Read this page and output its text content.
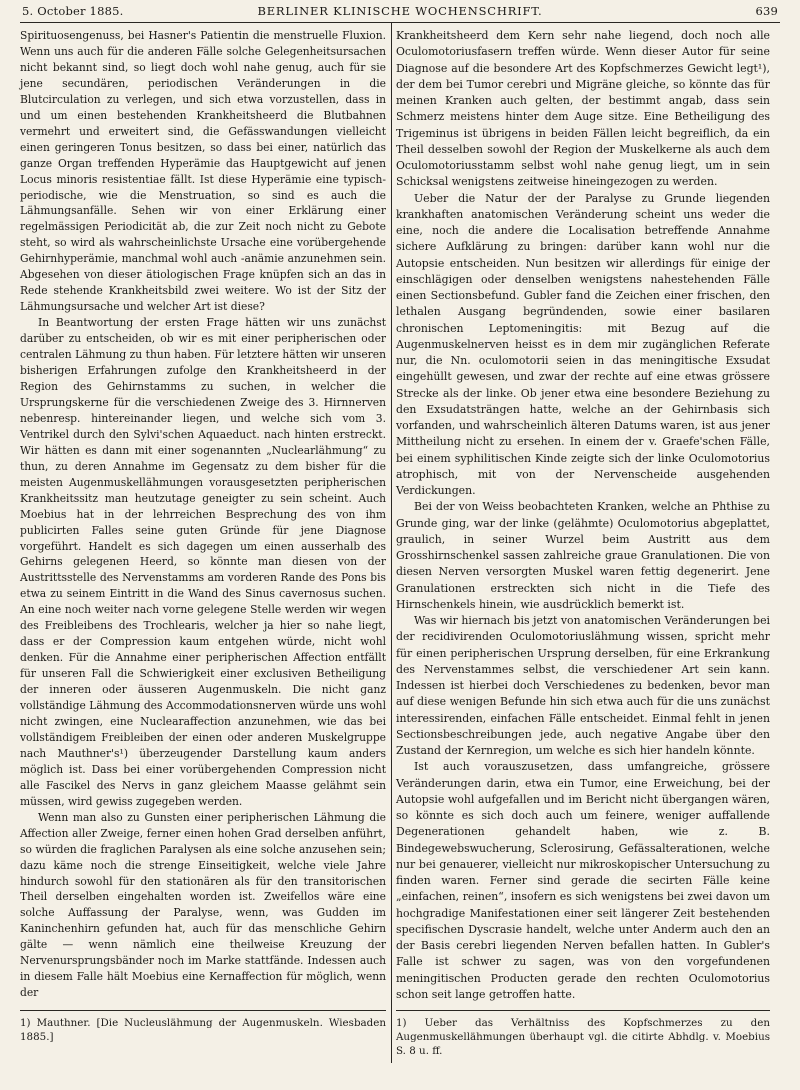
5. October 1885.	BERLINER KLINISCHE WOCHENSCHRIFT.	639

Spirituosengenuss, bei Hasner's Patientin die menstruelle Fluxion. Wenn uns auch für die anderen Fälle solche Gelegenheitsursachen nicht bekannt sind, so liegt doch wohl nahe genug, auch für sie jene secundären, periodischen Veränderungen in die Blutcirculation zu verlegen, und sich etwa vorzustellen, dass in und um einen bestehenden Krankheitsheerd die Blutbahnen vermehrt und erweitert sind, die Gefässwandungen vielleicht einen geringeren Tonus besitzen, so dass bei einer, natürlich das ganze Organ treffenden Hyperämie das Hauptgewicht auf jenen Locus minoris resistentiae fällt. Ist diese Hyperämie eine typisch-periodische, wie die Menstruation, so sind es auch die Lähmungsanfälle. Sehen wir von einer Erklärung einer regelmässigen Periodicität ab, die zur Zeit noch nicht zu Gebote steht, so wird als wahrscheinlichste Ursache eine vorübergehende Gehirnhyperämie, manchmal wohl auch -anämie anzunehmen sein. Abgesehen von dieser ätiologischen Frage knüpfen sich an das in Rede stehende Krankheitsbild zwei weitere. Wo ist der Sitz der Lähmungsursache und welcher Art ist diese?

In Beantwortung der ersten Frage hätten wir uns zunächst darüber zu entscheiden, ob wir es mit einer peripherischen oder centralen Lähmung zu thun haben. Für letztere hätten wir unseren bisherigen Erfahrungen zufolge den Krankheitsheerd in der Region des Gehirnstamms zu suchen, in welcher die Ursprungskerne für die verschiedenen Zweige des 3. Hirnnerven nebenresp. hintereinander liegen, und welche sich vom 3. Ventrikel durch den Sylvi'schen Aquaeduct. nach hinten erstreckt. Wir hätten es dann mit einer sogenannten „Nuclearlähmung“ zu thun, zu deren Annahme im Gegensatz zu dem bisher für die meisten Augenmuskellähmungen vorausgesetzten peripherischen Krankheitssitz man heutzutage geneigter zu sein scheint. Auch Moebius hat in der lehrreichen Besprechung des von ihm publicirten Falles seine guten Gründe für jene Diagnose vorgeführt. Handelt es sich dagegen um einen ausserhalb des Gehirns gelegenen Heerd, so könnte man diesen von der Austrittsstelle des Nervenstamms am vorderen Rande des Pons bis etwa zu seinem Eintritt in die Wand des Sinus cavernosus suchen. An eine noch weiter nach vorne gelegene Stelle werden wir wegen des Freibleibens des Trochlearis, welcher ja hier so nahe liegt, dass er der Compression kaum entgehen würde, nicht wohl denken. Für die Annahme einer peripherischen Affection entfällt für unseren Fall die Schwierigkeit einer exclusiven Betheiligung der inneren oder äusseren Augenmuskeln. Die nicht ganz vollständige Lähmung des Accommodationsnerven würde uns wohl nicht zwingen, eine Nuclearaffection anzunehmen, wie das bei vollständigem Freibleiben der einen oder anderen Muskelgruppe nach Mauthner's¹) überzeugender Darstellung kaum anders möglich ist. Dass bei einer vorübergehenden Compression nicht alle Fascikel des Nervs in ganz gleichem Maasse gelähmt sein müssen, wird gewiss zugegeben werden.

Wenn man also zu Gunsten einer peripherischen Lähmung die Affection aller Zweige, ferner einen hohen Grad derselben anführt, so würden die fraglichen Paralysen als eine solche anzusehen sein; dazu käme noch die strenge Einseitigkeit, welche viele Jahre hindurch sowohl für den stationären als für den transitorischen Theil derselben eingehalten worden ist. Zweifellos wäre eine solche Auffassung der Paralyse, wenn, was Gudden im Kaninchenhirn gefunden hat, auch für das menschliche Gehirn gälte — wenn nämlich eine theilweise Kreuzung der Nervenursprungsbänder noch im Marke stattfände. Indessen auch in diesem Falle hält Moebius eine Kernaffection für möglich, wenn der

Krankheitsheerd dem Kern sehr nahe liegend, doch noch alle Oculomotoriusfasern treffen würde. Wenn dieser Autor für seine Diagnose auf die besondere Art des Kopfschmerzes Gewicht legt¹), der dem bei Tumor cerebri und Migräne gleiche, so könnte das für meinen Kranken auch gelten, der bestimmt angab, dass sein Schmerz meistens hinter dem Auge sitze. Eine Betheiligung des Trigeminus ist übrigens in beiden Fällen leicht begreiflich, da ein Theil desselben sowohl der Region der Muskelkerne als auch dem Oculomotoriusstamm selbst wohl nahe genug liegt, um in sein Schicksal wenigstens zeitweise hineingezogen zu werden.

Ueber die Natur der der Paralyse zu Grunde liegenden krankhaften anatomischen Veränderung scheint uns weder die eine, noch die andere die Localisation betreffende Annahme sichere Aufklärung zu bringen: darüber kann wohl nur die Autopsie entscheiden. Nun besitzen wir allerdings für einige der einschlägigen oder denselben wenigstens nahestehenden Fälle einen Sectionsbefund. Gubler fand die Zeichen einer frischen, den lethalen Ausgang begründenden, sowie einer basilaren chronischen Leptomeningitis: mit Bezug auf die Augenmuskelnerven heisst es in dem mir zugänglichen Referate nur, die Nn. oculomotorii seien in das meningitische Exsudat eingehüllt gewesen, und zwar der rechte auf eine etwas grössere Strecke als der linke. Ob jener etwa eine besondere Beziehung zu den Exsudatsträngen hatte, welche an der Gehirnbasis sich vorfanden, und wahrscheinlich älteren Datums waren, ist aus jener Mittheilung nicht zu ersehen. In einem der v. Graefe'schen Fälle, bei einem syphilitischen Kinde zeigte sich der linke Oculomotorius atrophisch, mit von der Nervenscheide ausgehenden Verdickungen.

Bei der von Weiss beobachteten Kranken, welche an Phthise zu Grunde ging, war der linke (gelähmte) Oculomotorius abgeplattet, graulich, in seiner Wurzel beim Austritt aus dem Grosshirnschenkel sassen zahlreiche graue Granulationen. Die von diesen Nerven versorgten Muskel waren fettig degenerirt. Jene Granulationen erstreckten sich nicht in die Tiefe des Hirnschenkels hinein, wie ausdrücklich bemerkt ist.

Was wir hiernach bis jetzt von anatomischen Veränderungen bei der recidivirenden Oculomotoriuslähmung wissen, spricht mehr für einen peripherischen Ursprung derselben, für eine Erkrankung des Nervenstammes selbst, die verschiedener Art sein kann. Indessen ist hierbei doch Verschiedenes zu bedenken, bevor man auf diese wenigen Befunde hin sich etwa auch für die uns zunächst interessirenden, einfachen Fälle entscheidet. Einmal fehlt in jenen Sectionsbeschreibungen jede, auch negative Angabe über den Zustand der Kernregion, um welche es sich hier handeln könnte.

Ist auch vorauszusetzen, dass umfangreiche, grössere Veränderungen darin, etwa ein Tumor, eine Erweichung, bei der Autopsie wohl aufgefallen und im Bericht nicht übergangen wären, so könnte es sich doch auch um feinere, weniger auffallende Degenerationen gehandelt haben, wie z. B. Bindegewebswucherung, Sclerosirung, Gefässalterationen, welche nur bei genauerer, vielleicht nur mikroskopischer Untersuchung zu finden waren. Ferner sind gerade die secirten Fälle keine „einfachen, reinen“, insofern es sich wenigstens bei zwei davon um hochgradige Manifestationen einer seit längerer Zeit bestehenden specifischen Dyscrasie handelt, welche unter Anderm auch den an der Basis cerebri liegenden Nerven befallen hatten. In Gubler's Falle ist schwer zu sagen, was von den vorgefundenen meningitischen Producten gerade den rechten Oculomotorius schon seit lange getroffen hatte.

1) Mauthner. [Die Nucleuslähmung der Augenmuskeln. Wiesbaden 1885.]
1) Ueber das Verhältniss des Kopfschmerzes zu den Augenmuskellähmungen überhaupt vgl. die citirte Abhdlg. v. Moebius S. 8 u. ff.
